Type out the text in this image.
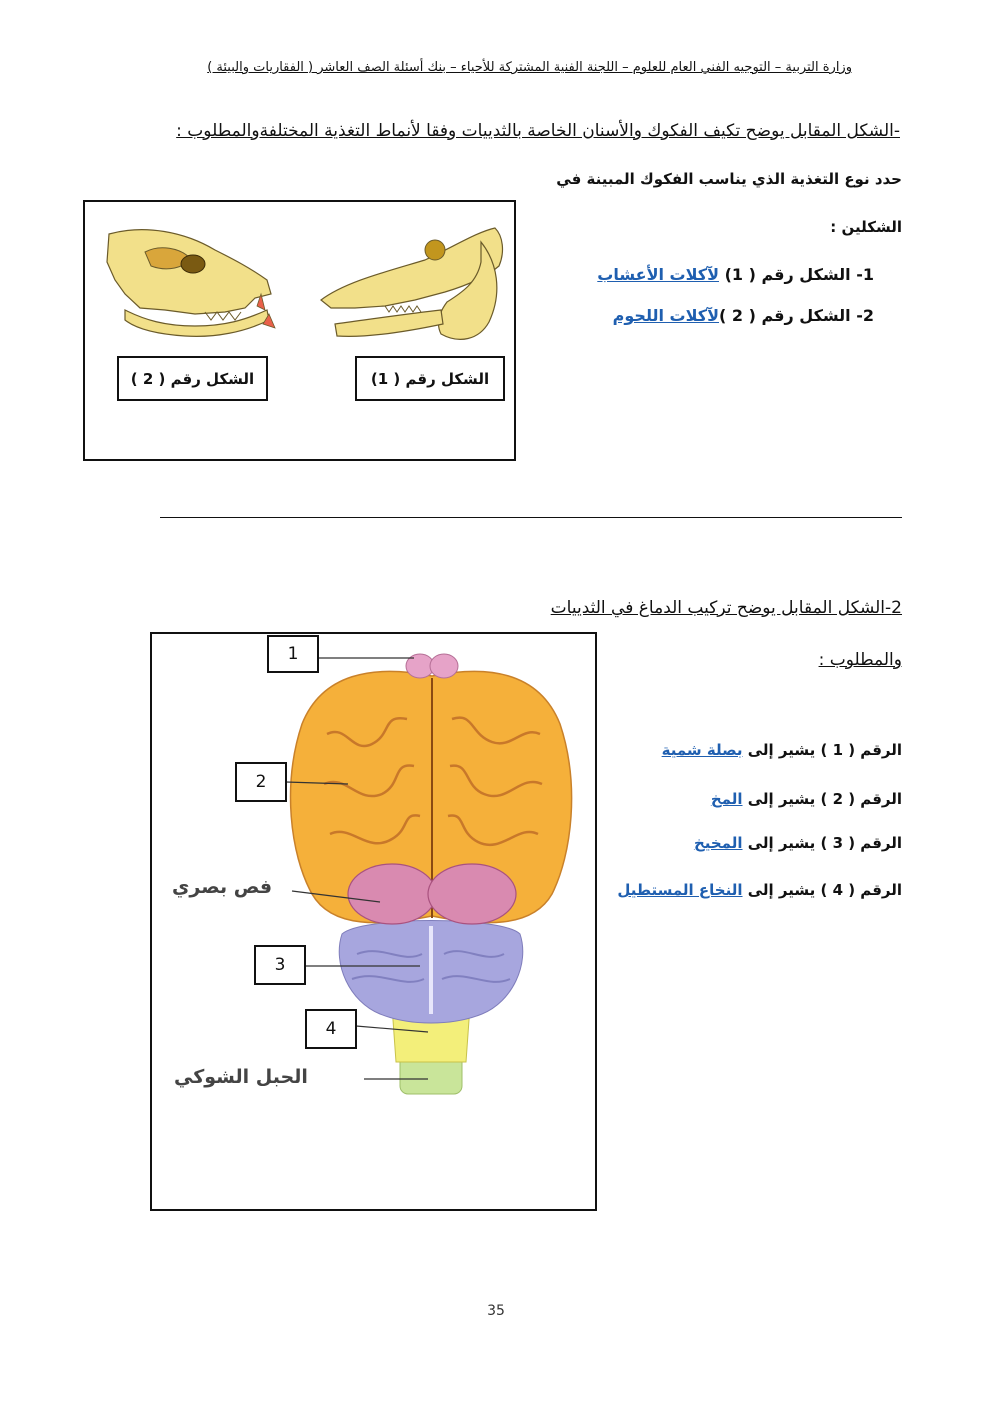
وزارة التربية – التوجيه الفني العام للعلوم – اللجنة الفنية المشتركة للأحياء – بنك أسئلة الصف العاشر ( الفقاريات والبيئة )
-الشكل المقابل يوضح تكيف الفكوك والأسنان الخاصة بالثدييات وفقا لأنماط التغذية المختلفةوالمطلوب :
حدد نوع التغذية الذي يناسب الفكوك المبينة في
الشكلين :
1- الشكل رقم ( 1) لآكلات الأعشاب
2- الشكل رقم ( 2 )لآكلات اللحوم
الشكل رقم ( 1)
الشكل رقم ( 2 )
2-الشكل المقابل يوضح تركيب الدماغ في الثدييات
والمطلوب :
الرقم ( 1 ) يشير إلى بصلة شمية
الرقم ( 2 ) يشير إلى المخ
الرقم ( 3 ) يشير إلى المخيخ
الرقم ( 4 ) يشير إلى النخاع المستطيل
1
2
3
4
فص بصري
الحبل الشوكي
35
